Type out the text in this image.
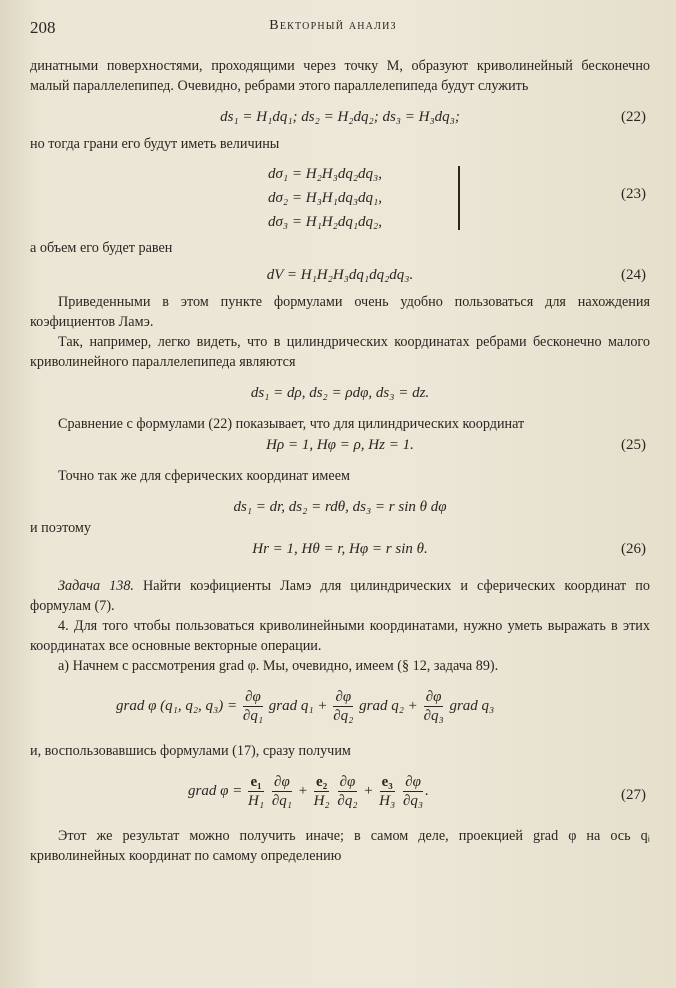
208	Векторный анализ

динатными поверхностями, проходящими через точку M, образуют криволинейный бесконечно малый параллелепипед. Очевидно, ребрами этого параллелепипеда будут служить

ds₁ = H₁dq₁; ds₂ = H₂dq₂; ds₃ = H₃dq₃;	(22)

но тогда грани его будут иметь величины

dσ₁ = H₂H₃dq₂dq₃,
dσ₂ = H₃H₁dq₃dq₁,
dσ₃ = H₁H₂dq₁dq₂,
(23)

а объем его будет равен

dV = H₁H₂H₃dq₁dq₂dq₃.	(24)

Приведенными в этом пункте формулами очень удобно пользоваться для нахождения коэфициентов Ламэ.

Так, например, легко видеть, что в цилиндрических координатах ребрами бесконечно малого криволинейного параллелепипеда являются

ds₁ = dρ, ds₂ = ρdφ, ds₃ = dz.

Сравнение с формулами (22) показывает, что для цилиндрических координат

Hρ = 1, Hφ = ρ, Hz = 1.	(25)

Точно так же для сферических координат имеем

ds₁ = dr, ds₂ = rdθ, ds₃ = r sin θ dφ

и поэтому

Hr = 1, Hθ = r, Hφ = r sin θ.	(26)

Задача 138. Найти коэфициенты Ламэ для цилиндрических и сферических координат по формулам (7).

4. Для того чтобы пользоваться криволинейными координатами, нужно уметь выражать в этих координатах все основные векторные операции.

а) Начнем с рассмотрения grad φ. Мы, очевидно, имеем (§ 12, задача 89).

grad φ (q₁, q₂, $q_3) = \frac{\partial\varphi}{\text{∂q₁}}$ grad $q_1 + \frac{\partial\varphi}{\text{∂q₂}}$ grad $q_2 + \frac{\partial\varphi}{\text{∂q₃}}$ grad q₃

и, воспользовавшись формулами (17), сразу получим

grad $\varphi = \frac{\text{e₁}}{\text{H₁}}$
$\frac{\partial\varphi}{\text{∂q₁}} + \frac{\text{e₂}}{\text{H₂}}$
$\frac{\partial\varphi}{\text{∂q₂}} + \frac{\text{e₃}}{\text{H₃}}$
$\frac{\partial\varphi}{\text{∂q₃}}$ .	(27)

Этот же результат можно получить иначе; в самом деле, проекцией grad φ на ось qᵢ криволинейных координат по самому определению
